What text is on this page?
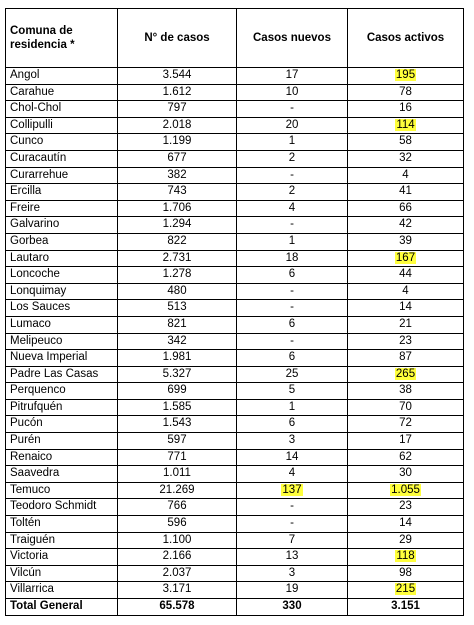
Comuna de residencia *	N° de casos	Casos nuevos	Casos activos
Angol	3.544	17	195
Carahue	1.612	10	78
Chol-Chol	797	-	16
Collipulli	2.018	20	114
Cunco	1.199	1	58
Curacautín	677	2	32
Curarrehue	382	-	4
Ercilla	743	2	41
Freire	1.706	4	66
Galvarino	1.294	-	42
Gorbea	822	1	39
Lautaro	2.731	18	167
Loncoche	1.278	6	44
Lonquimay	480	-	4
Los Sauces	513	-	14
Lumaco	821	6	21
Melipeuco	342	-	23
Nueva Imperial	1.981	6	87
Padre Las Casas	5.327	25	265
Perquenco	699	5	38
Pitrufquén	1.585	1	70
Pucón	1.543	6	72
Purén	597	3	17
Renaico	771	14	62
Saavedra	1.011	4	30
Temuco	21.269	137	1.055
Teodoro Schmidt	766	-	23
Toltén	596	-	14
Traiguén	1.100	7	29
Victoria	2.166	13	118
Vilcún	2.037	3	98
Villarrica	3.171	19	215
Total General	65.578	330	3.151
